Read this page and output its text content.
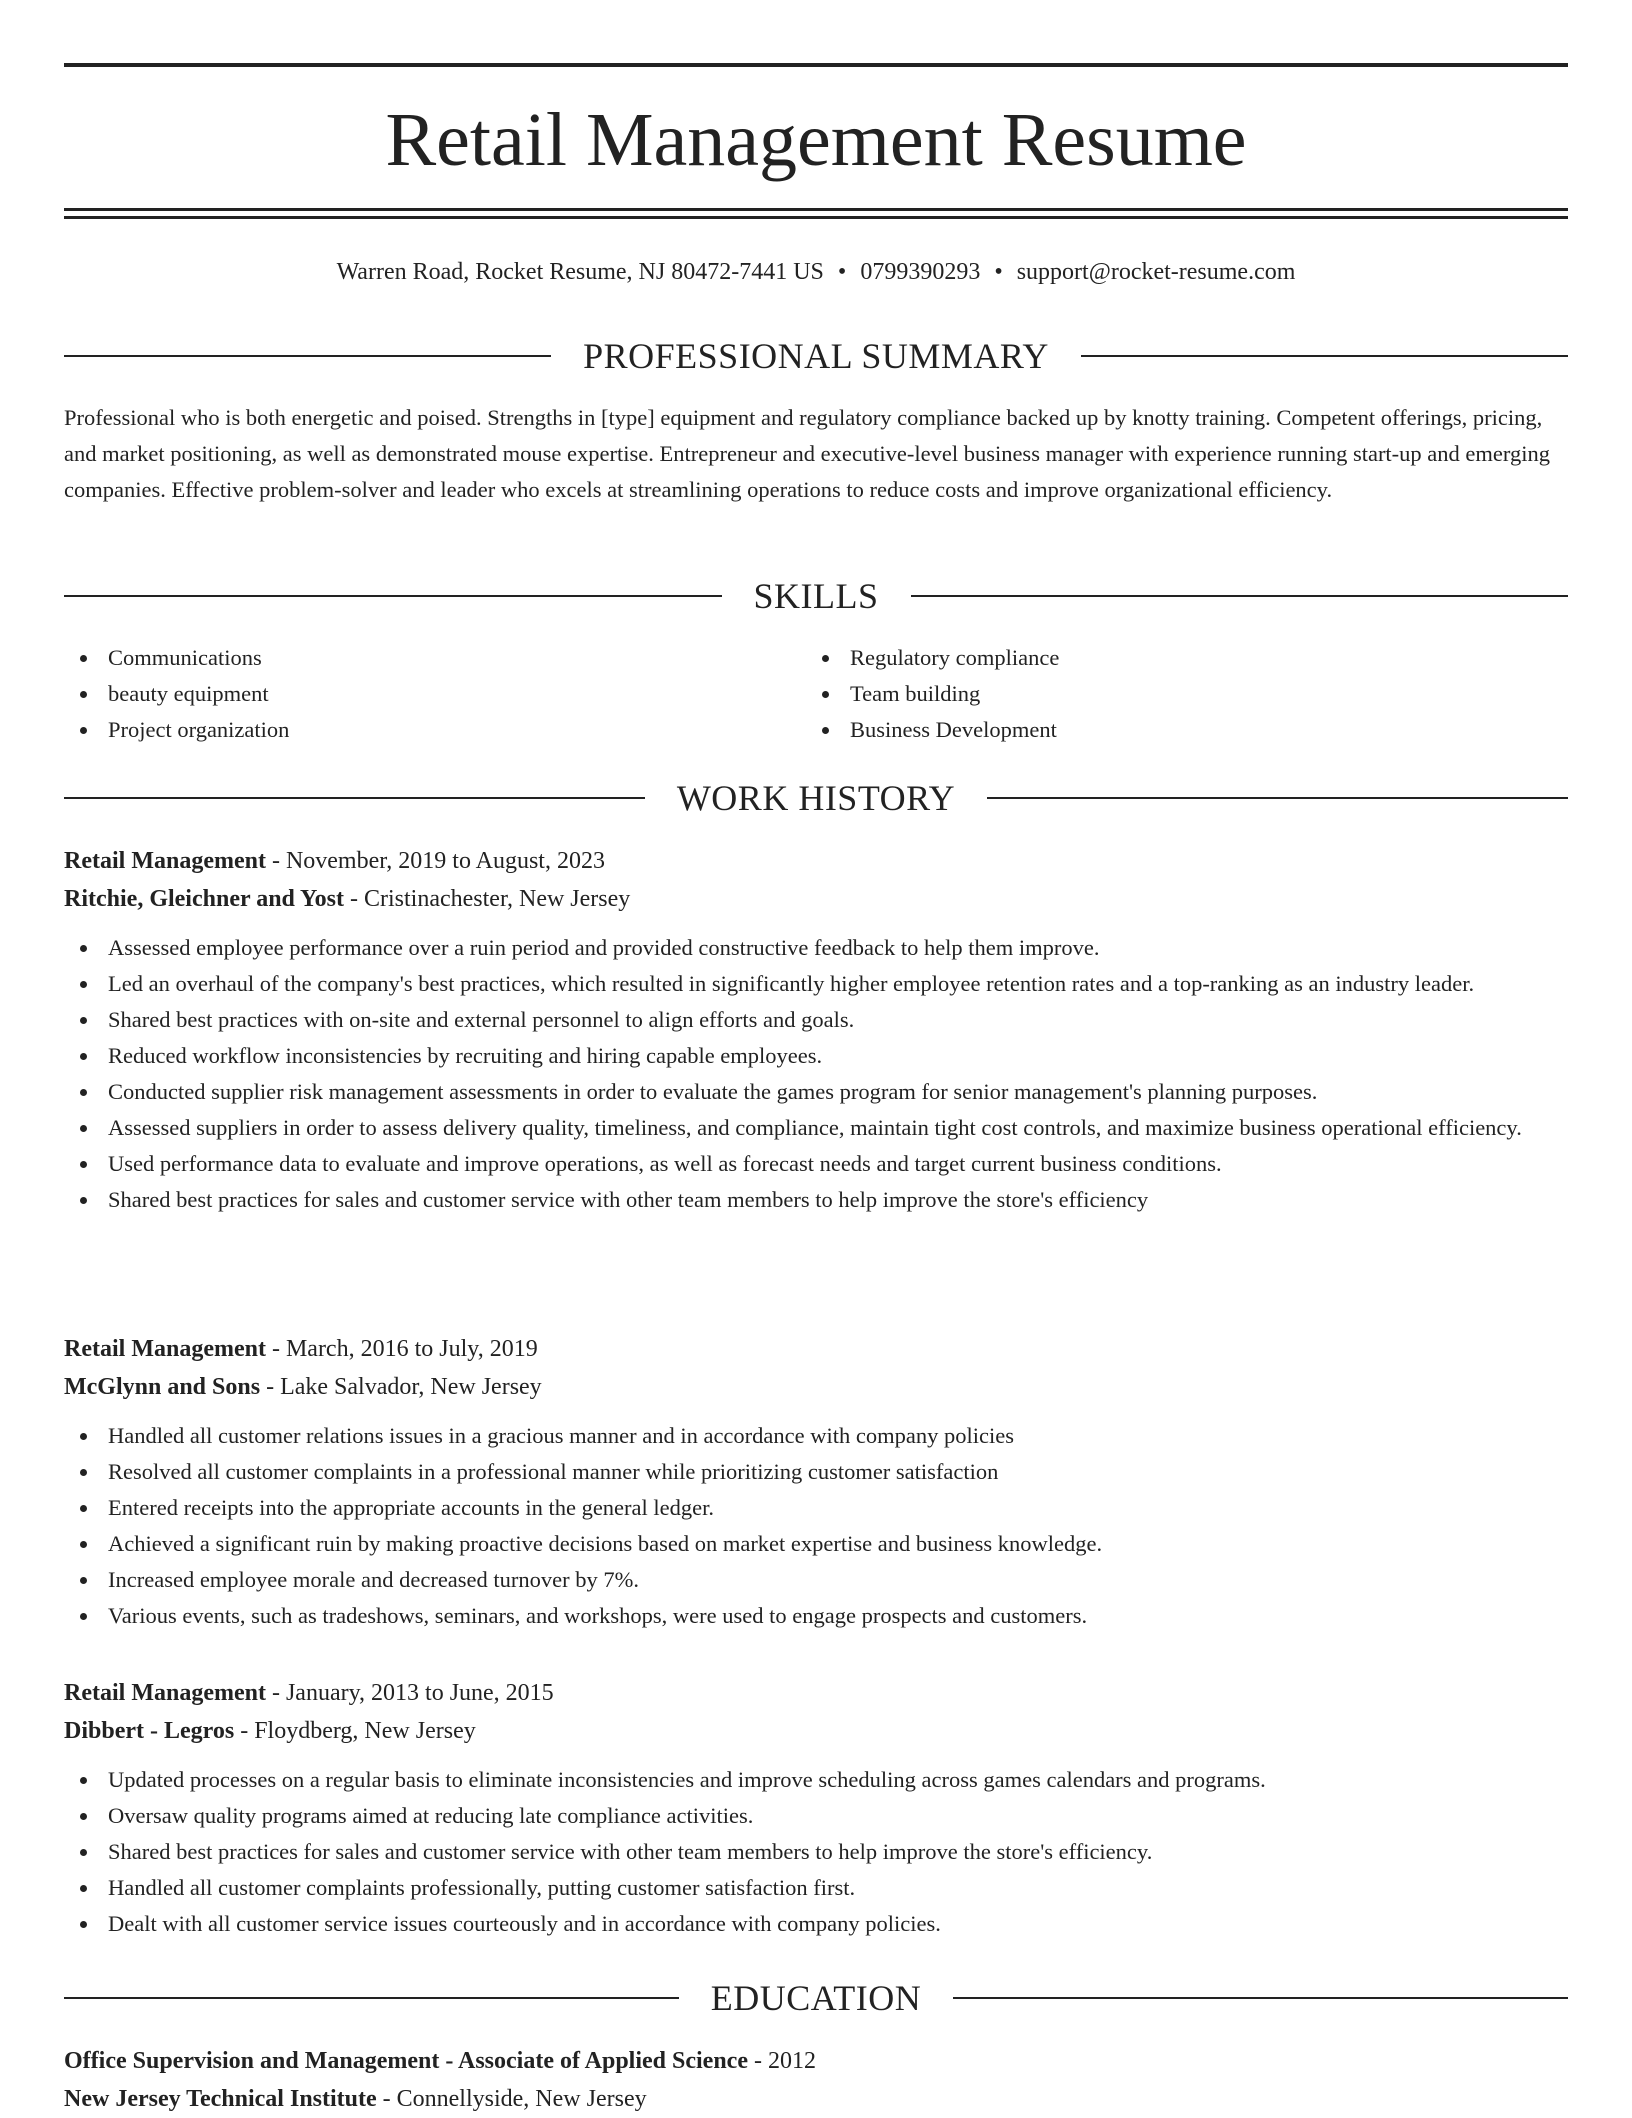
Retail Management Resume
Warren Road, Rocket Resume, NJ 80472-7441 US • 0799390293 • support@rocket-resume.com
PROFESSIONAL SUMMARY

Professional who is both energetic and poised. Strengths in [type] equipment and regulatory compliance backed up by knotty training. Competent offerings, pricing, and market positioning, as well as demonstrated mouse expertise. Entrepreneur and executive-level business manager with experience running start-up and emerging companies. Effective problem-solver and leader who excels at streamlining operations to reduce costs and improve organizational efficiency.

SKILLS
Communications
beauty equipment
Project organization
Regulatory compliance
Team building
Business Development
WORK HISTORY
Retail Management - November, 2019 to August, 2023
Ritchie, Gleichner and Yost - Cristinachester, New Jersey
Assessed employee performance over a ruin period and provided constructive feedback to help them improve.
Led an overhaul of the company's best practices, which resulted in significantly higher employee retention rates and a top-ranking as an industry leader.
Shared best practices with on-site and external personnel to align efforts and goals.
Reduced workflow inconsistencies by recruiting and hiring capable employees.
Conducted supplier risk management assessments in order to evaluate the games program for senior management's planning purposes.
Assessed suppliers in order to assess delivery quality, timeliness, and compliance, maintain tight cost controls, and maximize business operational efficiency.
Used performance data to evaluate and improve operations, as well as forecast needs and target current business conditions.
Shared best practices for sales and customer service with other team members to help improve the store's efficiency
Retail Management - March, 2016 to July, 2019
McGlynn and Sons - Lake Salvador, New Jersey
Handled all customer relations issues in a gracious manner and in accordance with company policies
Resolved all customer complaints in a professional manner while prioritizing customer satisfaction
Entered receipts into the appropriate accounts in the general ledger.
Achieved a significant ruin by making proactive decisions based on market expertise and business knowledge.
Increased employee morale and decreased turnover by 7%.
Various events, such as tradeshows, seminars, and workshops, were used to engage prospects and customers.
Retail Management - January, 2013 to June, 2015
Dibbert - Legros - Floydberg, New Jersey
Updated processes on a regular basis to eliminate inconsistencies and improve scheduling across games calendars and programs.
Oversaw quality programs aimed at reducing late compliance activities.
Shared best practices for sales and customer service with other team members to help improve the store's efficiency.
Handled all customer complaints professionally, putting customer satisfaction first.
Dealt with all customer service issues courteously and in accordance with company policies.
EDUCATION
Office Supervision and Management - Associate of Applied Science - 2012
New Jersey Technical Institute - Connellyside, New Jersey
